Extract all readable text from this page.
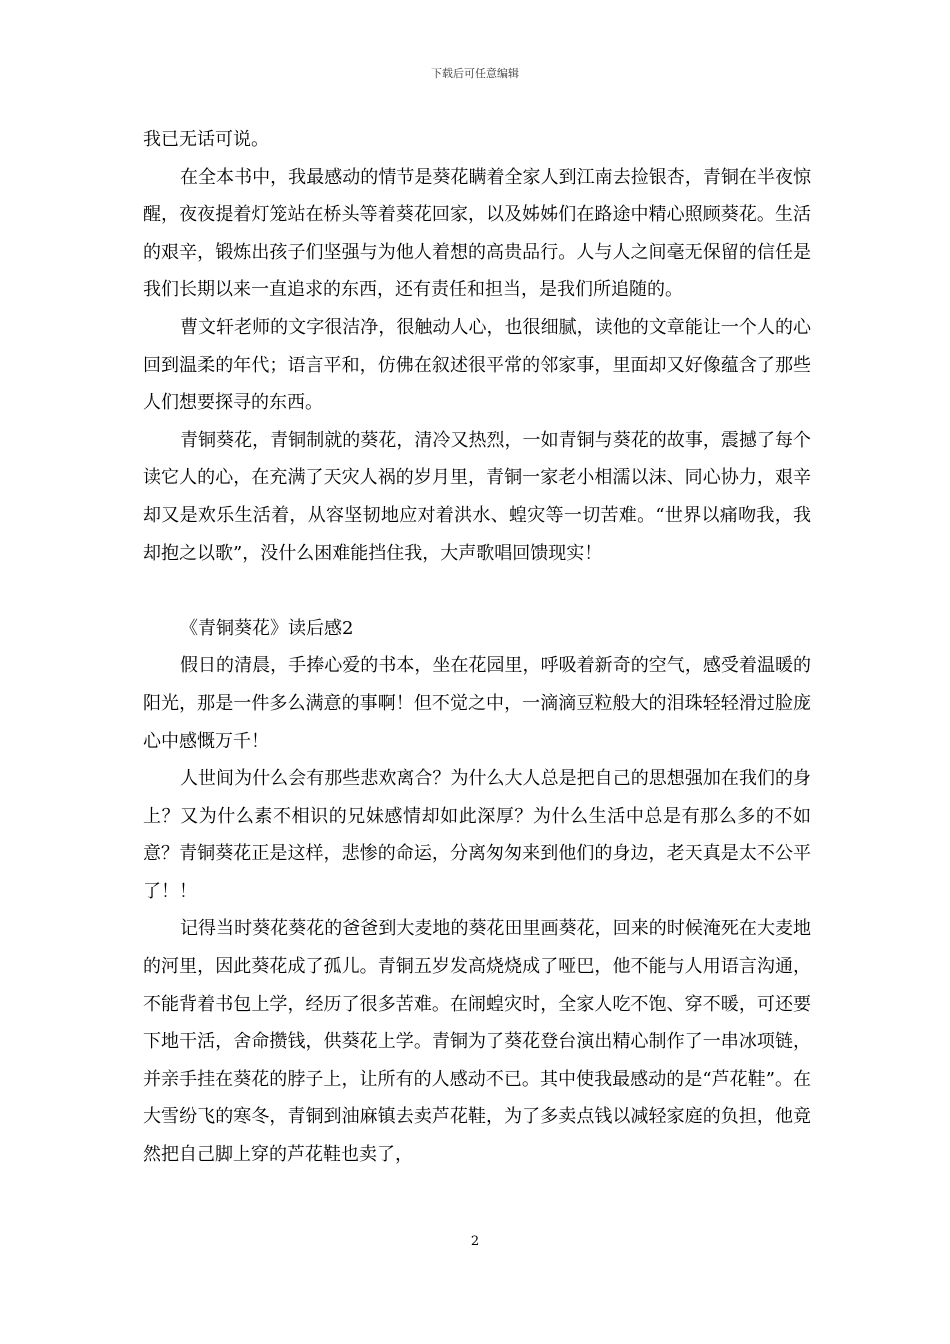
下载后可任意编辑

我已无话可说。

在全本书中，我最感动的情节是葵花瞒着全家人到江南去捡银杏，青铜在半夜惊醒，夜夜提着灯笼站在桥头等着葵花回家，以及姊姊们在路途中精心照顾葵花。生活的艰辛，锻炼出孩子们坚强与为他人着想的高贵品行。人与人之间毫无保留的信任是我们长期以来一直追求的东西，还有责任和担当，是我们所追随的。

曹文轩老师的文字很洁净，很触动人心，也很细腻，读他的文章能让一个人的心回到温柔的年代；语言平和，仿佛在叙述很平常的邻家事，里面却又好像蕴含了那些人们想要探寻的东西。

青铜葵花，青铜制就的葵花，清冷又热烈，一如青铜与葵花的故事，震撼了每个读它人的心，在充满了天灾人祸的岁月里，青铜一家老小相濡以沫、同心协力，艰辛却又是欢乐生活着，从容坚韧地应对着洪水、蝗灾等一切苦难。“世界以痛吻我，我却抱之以歌”，没什么困难能挡住我，大声歌唱回馈现实！

《青铜葵花》读后感2

假日的清晨，手捧心爱的书本，坐在花园里，呼吸着新奇的空气，感受着温暖的阳光，那是一件多么满意的事啊！但不觉之中，一滴滴豆粒般大的泪珠轻轻滑过脸庞心中感慨万千！

人世间为什么会有那些悲欢离合？为什么大人总是把自己的思想强加在我们的身上？又为什么素不相识的兄妹感情却如此深厚？为什么生活中总是有那么多的不如意？青铜葵花正是这样，悲惨的命运，分离匆匆来到他们的身边，老天真是太不公平了！！

记得当时葵花葵花的爸爸到大麦地的葵花田里画葵花，回来的时候淹死在大麦地的河里，因此葵花成了孤儿。青铜五岁发高烧烧成了哑巴，他不能与人用语言沟通，不能背着书包上学，经历了很多苦难。在闹蝗灾时，全家人吃不饱、穿不暖，可还要下地干活，舍命攒钱，供葵花上学。青铜为了葵花登台演出精心制作了一串冰项链，并亲手挂在葵花的脖子上，让所有的人感动不已。其中使我最感动的是“芦花鞋”。在大雪纷飞的寒冬，青铜到油麻镇去卖芦花鞋，为了多卖点钱以减轻家庭的负担，他竟然把自己脚上穿的芦花鞋也卖了，

2
